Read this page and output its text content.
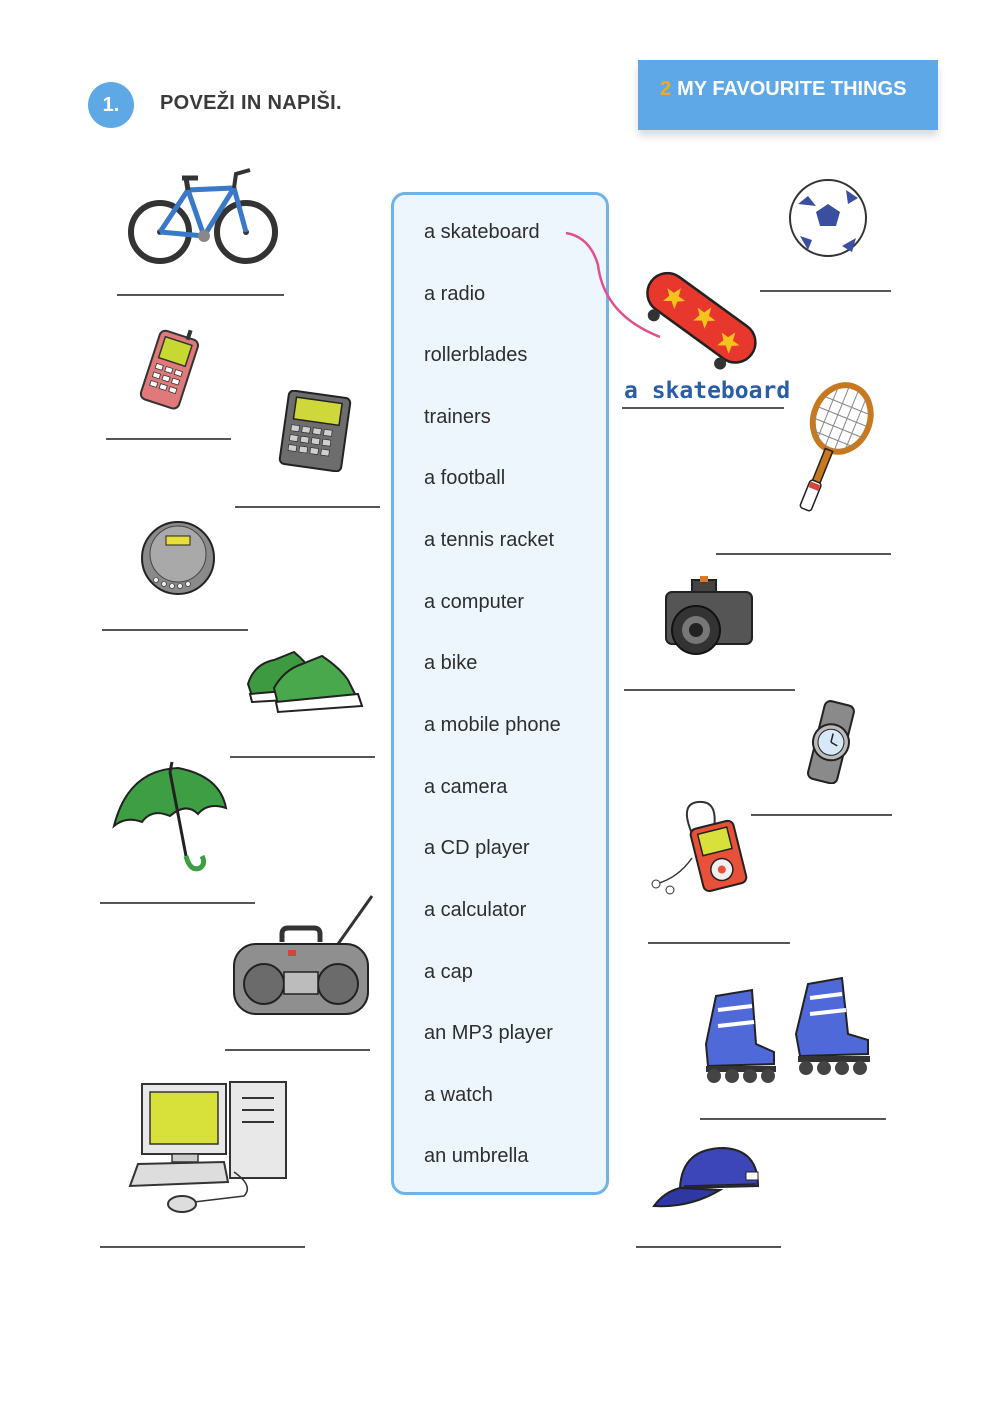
1.	POVEŽI IN NAPIŠI.
2 MY FAVOURITE THINGS
a skateboard
a radio
rollerblades
trainers
a football
a tennis racket
a computer
a bike
a mobile phone
a camera
a CD player
a calculator
a cap
an MP3 player
a watch
an umbrella
a skateboard
